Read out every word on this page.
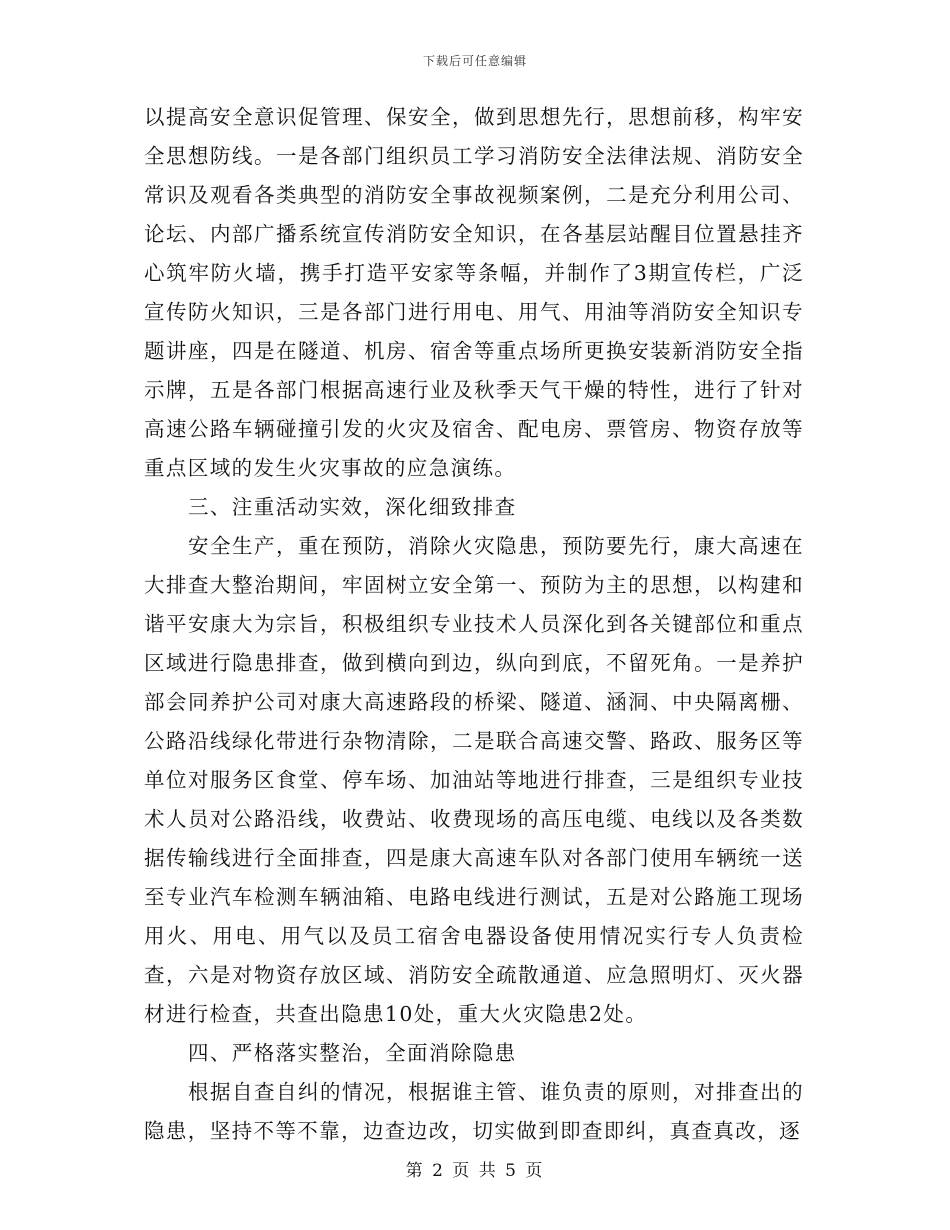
下载后可任意编辑

以提高安全意识促管理、保安全，做到思想先行，思想前移，构牢安全思想防线。一是各部门组织员工学习消防安全法律法规、消防安全常识及观看各类典型的消防安全事故视频案例，二是充分利用公司、论坛、内部广播系统宣传消防安全知识，在各基层站醒目位置悬挂齐心筑牢防火墙，携手打造平安家等条幅，并制作了3期宣传栏，广泛宣传防火知识，三是各部门进行用电、用气、用油等消防安全知识专题讲座，四是在隧道、机房、宿舍等重点场所更换安装新消防安全指示牌，五是各部门根据高速行业及秋季天气干燥的特性，进行了针对高速公路车辆碰撞引发的火灾及宿舍、配电房、票管房、物资存放等重点区域的发生火灾事故的应急演练。

三、注重活动实效，深化细致排查

安全生产，重在预防，消除火灾隐患，预防要先行，康大高速在大排查大整治期间，牢固树立安全第一、预防为主的思想，以构建和谐平安康大为宗旨，积极组织专业技术人员深化到各关键部位和重点区域进行隐患排查，做到横向到边，纵向到底，不留死角。一是养护部会同养护公司对康大高速路段的桥梁、隧道、涵洞、中央隔离栅、公路沿线绿化带进行杂物清除，二是联合高速交警、路政、服务区等单位对服务区食堂、停车场、加油站等地进行排查，三是组织专业技术人员对公路沿线，收费站、收费现场的高压电缆、电线以及各类数据传输线进行全面排查，四是康大高速车队对各部门使用车辆统一送至专业汽车检测车辆油箱、电路电线进行测试，五是对公路施工现场用火、用电、用气以及员工宿舍电器设备使用情况实行专人负责检查，六是对物资存放区域、消防安全疏散通道、应急照明灯、灭火器材进行检查，共查出隐患10处，重大火灾隐患2处。

四、严格落实整治，全面消除隐患

根据自查自纠的情况，根据谁主管、谁负责的原则，对排查出的隐患，坚持不等不靠，边查边改，切实做到即查即纠，真查真改，逐

第 2 页 共 5 页
